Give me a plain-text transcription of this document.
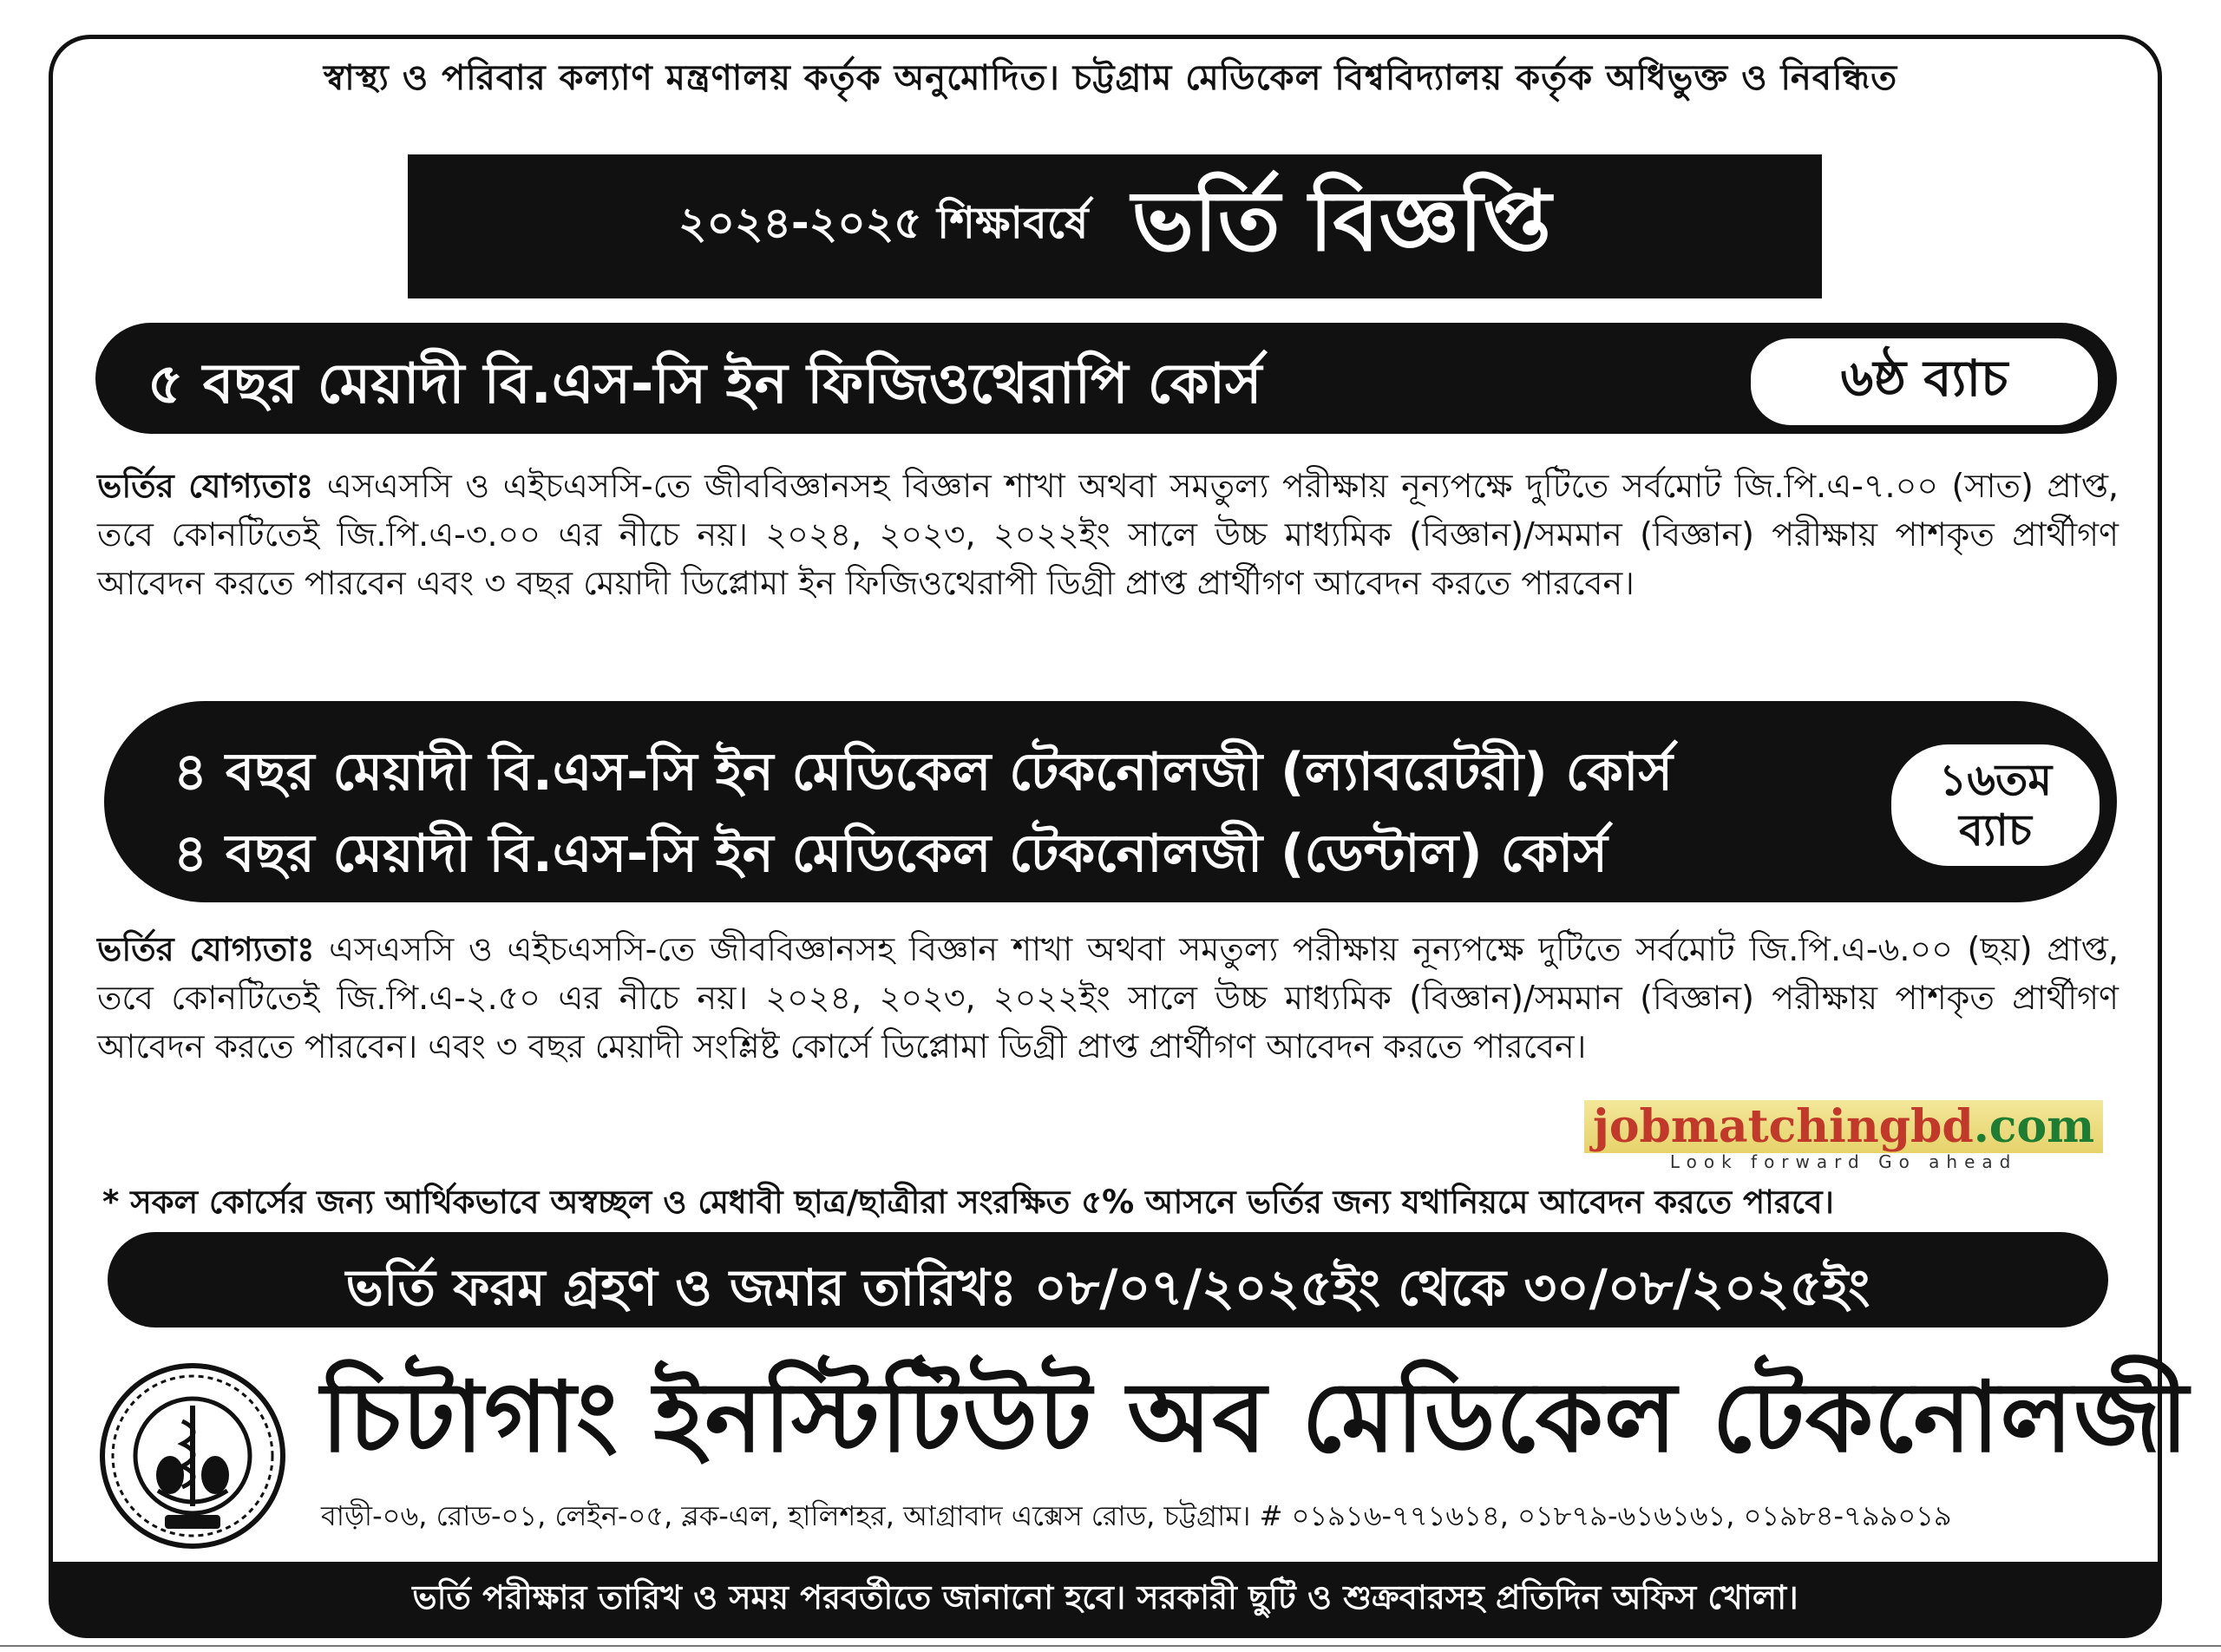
স্বাস্থ্য ও পরিবার কল্যাণ মন্ত্রণালয় কর্তৃক অনুমোদিত। চট্টগ্রাম মেডিকেল বিশ্ববিদ্যালয় কর্তৃক অধিভুক্ত ও নিবন্ধিত
২০২৪-২০২৫ শিক্ষাবর্ষে ভর্তি বিজ্ঞপ্তি
৫ বছর মেয়াদী বি.এস-সি ইন ফিজিওথেরাপি কোর্স	৬ষ্ঠ ব্যাচ
ভর্তির যোগ্যতাঃ এসএসসি ও এইচএসসি-তে জীববিজ্ঞানসহ বিজ্ঞান শাখা অথবা সমতুল্য পরীক্ষায় নূন্যপক্ষে দুটিতে সর্বমোট জি.পি.এ-৭.০০ (সাত) প্রাপ্ত, তবে কোনটিতেই জি.পি.এ-৩.০০ এর নীচে নয়। ২০২৪, ২০২৩, ২০২২ইং সালে উচ্চ মাধ্যমিক (বিজ্ঞান)/সমমান (বিজ্ঞান) পরীক্ষায় পাশকৃত প্রার্থীগণ আবেদন করতে পারবেন এবং ৩ বছর মেয়াদী ডিপ্লোমা ইন ফিজিওথেরাপী ডিগ্রী প্রাপ্ত প্রার্থীগণ আবেদন করতে পারবেন।
৪ বছর মেয়াদী বি.এস-সি ইন মেডিকেল টেকনোলজী (ল্যাবরেটরী) কোর্স
৪ বছর মেয়াদী বি.এস-সি ইন মেডিকেল টেকনোলজী (ডেন্টাল) কোর্স
১৬তম
ব্যাচ
ভর্তির যোগ্যতাঃ এসএসসি ও এইচএসসি-তে জীববিজ্ঞানসহ বিজ্ঞান শাখা অথবা সমতুল্য পরীক্ষায় নূন্যপক্ষে দুটিতে সর্বমোট জি.পি.এ-৬.০০ (ছয়) প্রাপ্ত, তবে কোনটিতেই জি.পি.এ-২.৫০ এর নীচে নয়। ২০২৪, ২০২৩, ২০২২ইং সালে উচ্চ মাধ্যমিক (বিজ্ঞান)/সমমান (বিজ্ঞান) পরীক্ষায় পাশকৃত প্রার্থীগণ আবেদন করতে পারবেন। এবং ৩ বছর মেয়াদী সংশ্লিষ্ট কোর্সে ডিপ্লোমা ডিগ্রী প্রাপ্ত প্রার্থীগণ আবেদন করতে পারবেন।
jobmatchingbd.com
Look forward Go ahead
* সকল কোর্সের জন্য আর্থিকভাবে অস্বচ্ছল ও মেধাবী ছাত্র/ছাত্রীরা সংরক্ষিত ৫% আসনে ভর্তির জন্য যথানিয়মে আবেদন করতে পারবে।
ভর্তি ফরম গ্রহণ ও জমার তারিখঃ ০৮/০৭/২০২৫ইং থেকে ৩০/০৮/২০২৫ইং
চিটাগাং ইনস্টিটিউট অব মেডিকেল টেকনোলজী
বাড়ী-০৬, রোড-০১, লেইন-০৫, ব্লক-এল, হালিশহর, আগ্রাবাদ এক্সেস রোড, চট্টগ্রাম। # ০১৯১৬-৭৭১৬১৪, ০১৮৭৯-৬১৬১৬১, ০১৯৮৪-৭৯৯০১৯
ভর্তি পরীক্ষার তারিখ ও সময় পরবর্তীতে জানানো হবে। সরকারী ছুটি ও শুক্রবারসহ প্রতিদিন অফিস খোলা।
